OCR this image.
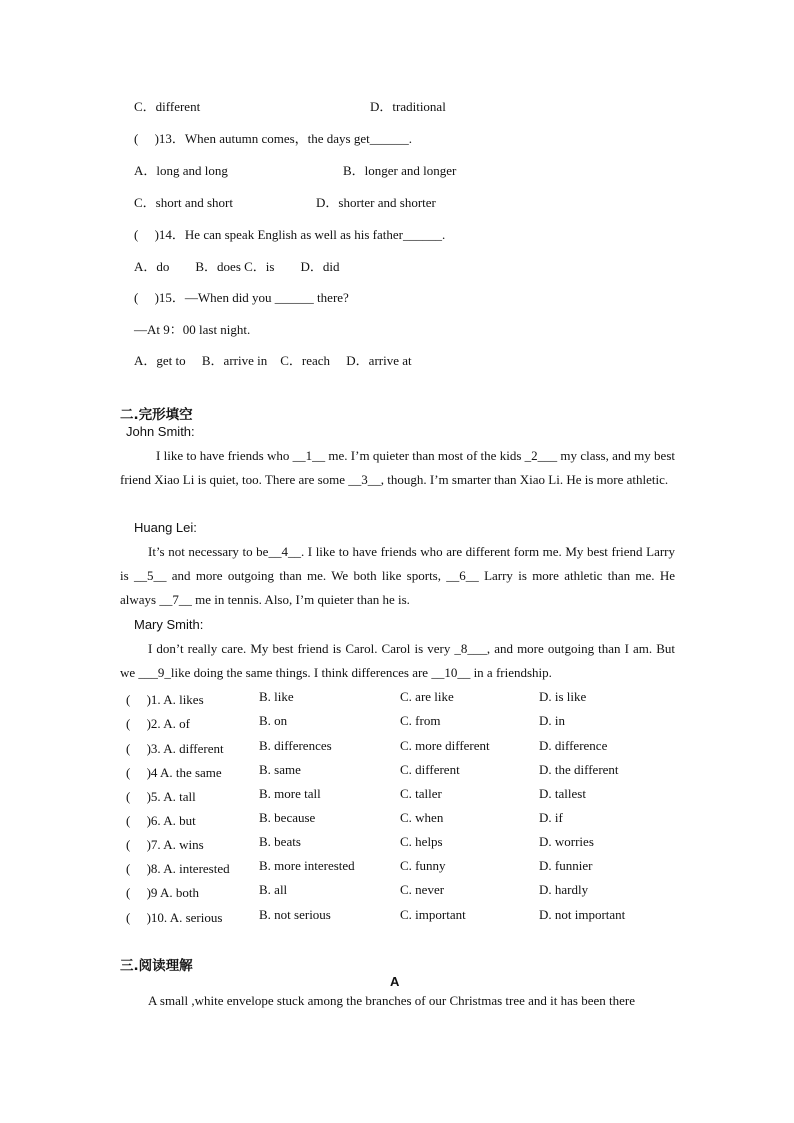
C．different	D．traditional
(　 )13．When autumn comes，the days get______.
A．long and long	B．longer and longer
C．short and short	D．shorter and shorter
(　 )14．He can speak English as well as his father______.
A．do　　B．does C．is　　D．did
(　 )15．—When did you ______ there?
—At 9：00 last night.
A．get to　 B．arrive in　C．reach　 D．arrive at
二.完形填空
John Smith:
I like to have friends who __1__ me. I’m quieter than most of the kids _2___ my class, and my best friend Xiao Li is quiet, too. There are some __3__, though. I’m smarter than Xiao Li. He is more athletic.
Huang Lei:
It’s not necessary to be__4__. I like to have friends who are different form me. My best friend Larry is __5__ and more outgoing than me. We both like sports, __6__ Larry is more athletic than me. He always __7__ me in tennis. Also, I’m quieter than he is.
Mary Smith:
I don’t really care. My best friend is Carol. Carol is very _8___, and more outgoing than I am. But we ___9_like doing the same things. I think differences are __10__ in a friendship.
(　 )1. A. likes	B. like	C. are like	D. is like
(　 )2. A. of	B. on	C. from	D. in
(　 )3. A. different	B. differences	C. more different	D. difference
(　 )4 A. the same	B. same	C. different	D. the different
(　 )5. A. tall	B. more tall	C. taller	D. tallest
(　 )6. A. but	B. because	C. when	D. if
(　 )7. A. wins	B. beats	C. helps	D. worries
(　 )8. A. interested B. more interested	C. funny	D. funnier
(　 )9 A. both	B. all	C. never	D. hardly
(　 )10. A. serious	B. not serious	C. important	D. not important
三.阅读理解
A
A small ,white envelope stuck among the branches of our Christmas tree and it has been there
